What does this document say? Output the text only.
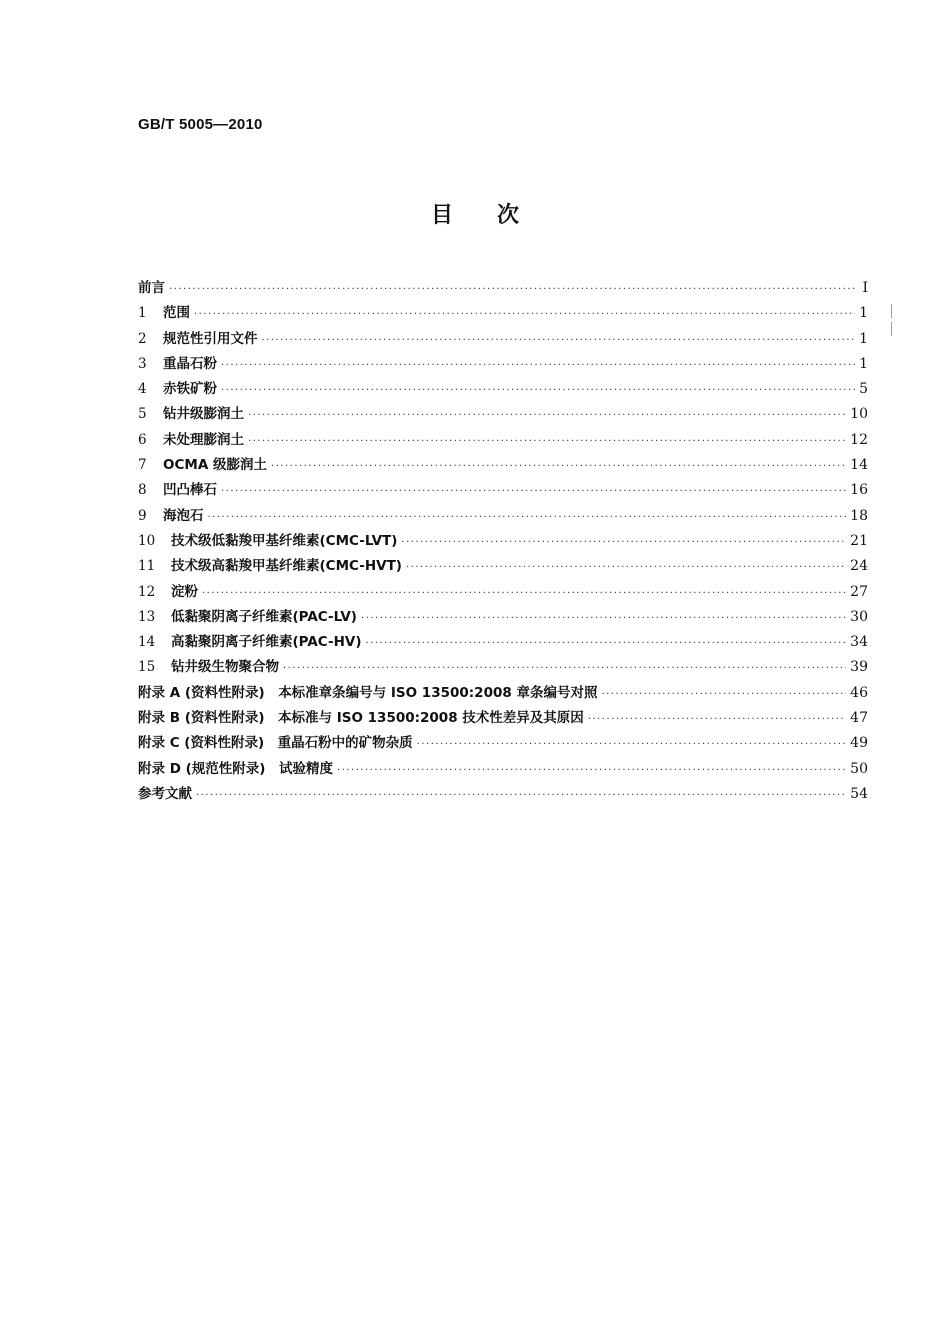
GB/T 5005—2010
目 次
前言 ·····	Ⅰ
1 范围 ·····	1
2 规范性引用文件 ·····	1
3 重晶石粉 ·····	1
4 赤铁矿粉 ·····	5
5 钻井级膨润土 ·····	10
6 未处理膨润土 ·····	12
7 OCMA 级膨润土 ·····	14
8 凹凸棒石 ·····	16
9 海泡石 ·····	18
10 技术级低黏羧甲基纤维素(CMC-LVT) ·····	21
11 技术级高黏羧甲基纤维素(CMC-HVT) ·····	24
12 淀粉 ·····	27
13 低黏聚阴离子纤维素(PAC-LV) ·····	30
14 高黏聚阴离子纤维素(PAC-HV) ·····	34
15 钻井级生物聚合物 ·····	39
附录 A (资料性附录)　本标准章条编号与 ISO 13500:2008 章条编号对照 ·····	46
附录 B (资料性附录)　本标准与 ISO 13500:2008 技术性差异及其原因 ·····	47
附录 C (资料性附录)　重晶石粉中的矿物杂质 ·····	49
附录 D (规范性附录)　试验精度 ·····	50
参考文献 ·····	54
